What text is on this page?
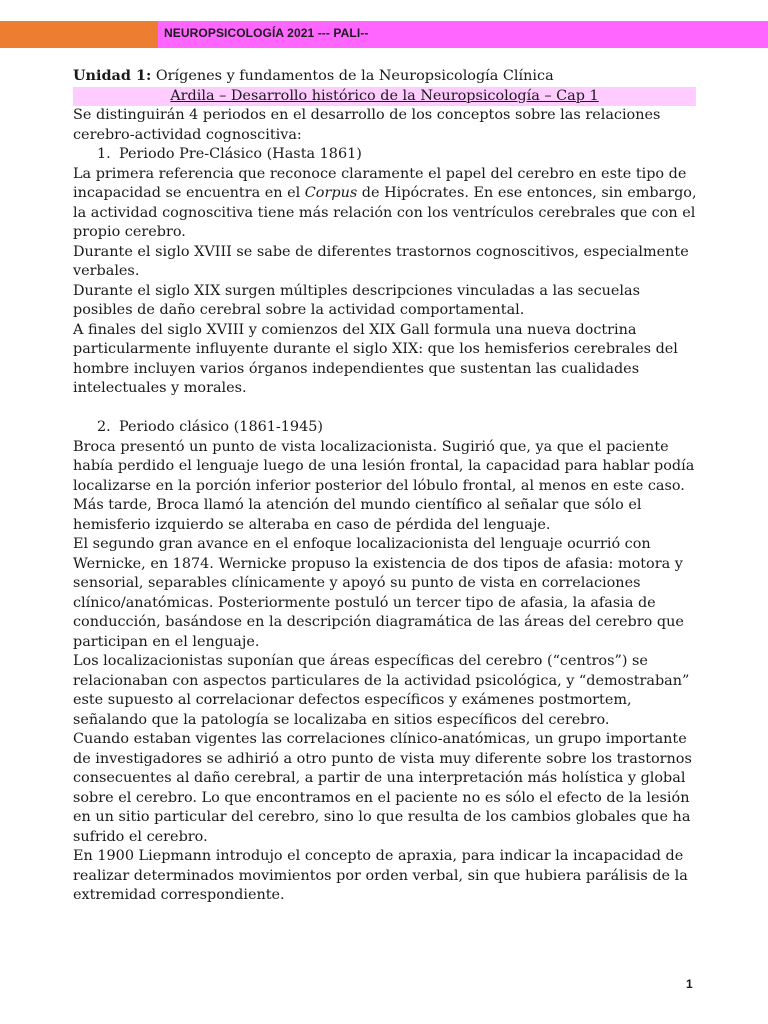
NEUROPSICOLOGÍA 2021 --- PALI--

Unidad 1: Orígenes y fundamentos de la Neuropsicología Clínica

Ardila – Desarrollo histórico de la Neuropsicología – Cap 1

Se distinguirán 4 periodos en el desarrollo de los conceptos sobre las relaciones cerebro-actividad cognoscitiva:

1. Periodo Pre-Clásico (Hasta 1861)

La primera referencia que reconoce claramente el papel del cerebro en este tipo de incapacidad se encuentra en el Corpus de Hipócrates. En ese entonces, sin embargo, la actividad cognoscitiva tiene más relación con los ventrículos cerebrales que con el propio cerebro.

Durante el siglo XVIII se sabe de diferentes trastornos cognoscitivos, especialmente verbales.

Durante el siglo XIX surgen múltiples descripciones vinculadas a las secuelas posibles de daño cerebral sobre la actividad comportamental.

A finales del siglo XVIII y comienzos del XIX Gall formula una nueva doctrina particularmente influyente durante el siglo XIX: que los hemisferios cerebrales del hombre incluyen varios órganos independientes que sustentan las cualidades intelectuales y morales.

2. Periodo clásico (1861-1945)

Broca presentó un punto de vista localizacionista. Sugirió que, ya que el paciente había perdido el lenguaje luego de una lesión frontal, la capacidad para hablar podía localizarse en la porción inferior posterior del lóbulo frontal, al menos en este caso. Más tarde, Broca llamó la atención del mundo científico al señalar que sólo el hemisferio izquierdo se alteraba en caso de pérdida del lenguaje.

El segundo gran avance en el enfoque localizacionista del lenguaje ocurrió con Wernicke, en 1874. Wernicke propuso la existencia de dos tipos de afasia: motora y sensorial, separables clínicamente y apoyó su punto de vista en correlaciones clínico/anatómicas. Posteriormente postuló un tercer tipo de afasia, la afasia de conducción, basándose en la descripción diagramática de las áreas del cerebro que participan en el lenguaje.

Los localizacionistas suponían que áreas específicas del cerebro (“centros”) se relacionaban con aspectos particulares de la actividad psicológica, y “demostraban” este supuesto al correlacionar defectos específicos y exámenes postmortem, señalando que la patología se localizaba en sitios específicos del cerebro.

Cuando estaban vigentes las correlaciones clínico-anatómicas, un grupo importante de investigadores se adhirió a otro punto de vista muy diferente sobre los trastornos consecuentes al daño cerebral, a partir de una interpretación más holística y global sobre el cerebro. Lo que encontramos en el paciente no es sólo el efecto de la lesión en un sitio particular del cerebro, sino lo que resulta de los cambios globales que ha sufrido el cerebro.

En 1900 Liepmann introdujo el concepto de apraxia, para indicar la incapacidad de realizar determinados movimientos por orden verbal, sin que hubiera parálisis de la extremidad correspondiente.

1
